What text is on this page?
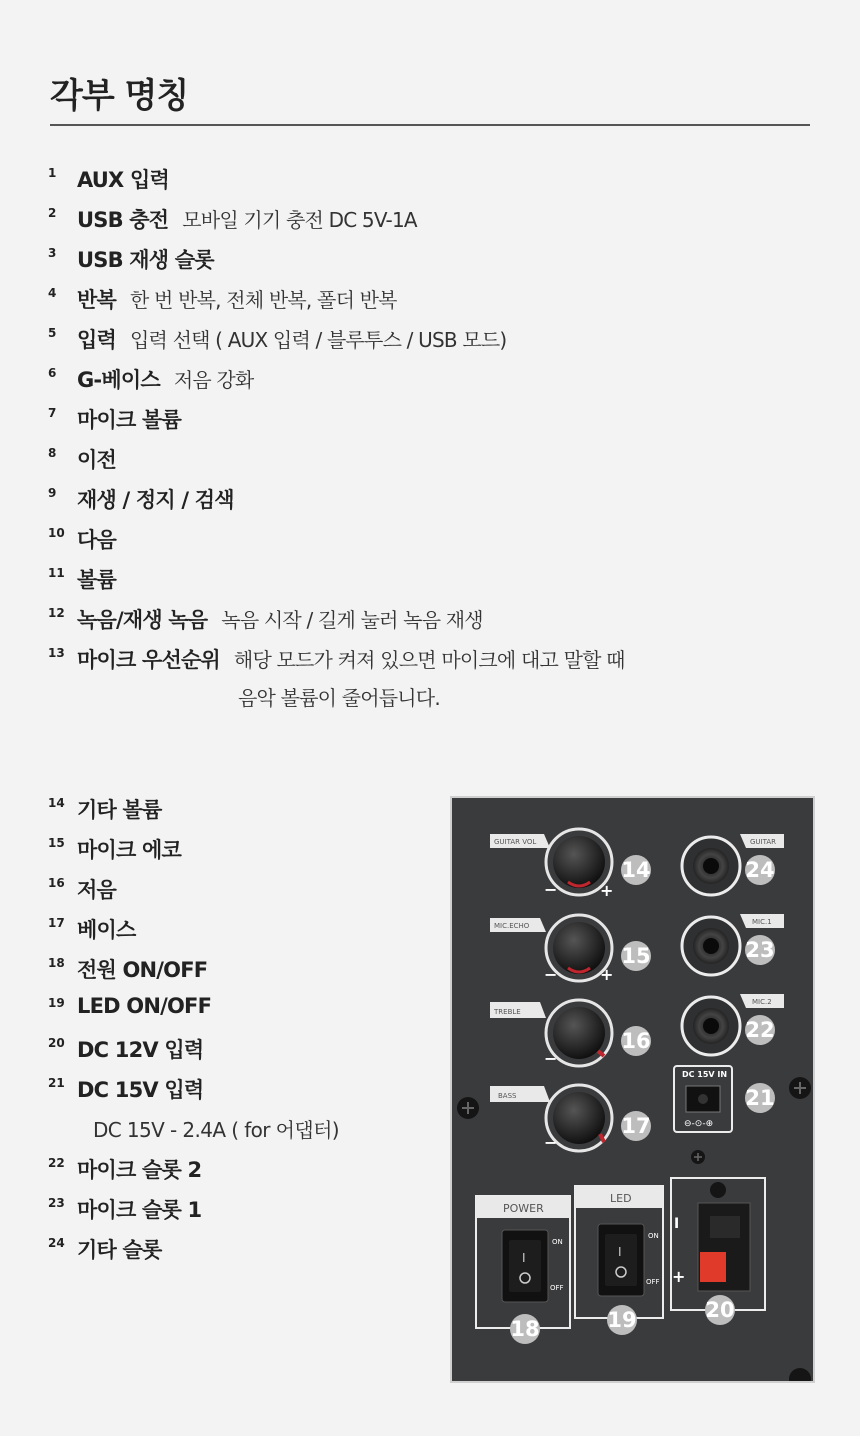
각부 명칭
1 AUX 입력
2 USB 충전 모바일 기기 충전 DC 5V-1A
3 USB 재생 슬롯
4 반복 한 번 반복, 전체 반복, 폴더 반복
5 입력 입력 선택 ( AUX 입력 / 블루투스 / USB 모드)
6 G-베이스 저음 강화
7 마이크 볼륨
8 이전
9 재생 / 정지 / 검색
10 다음
11 볼륨
12 녹음/재생 녹음 녹음 시작 / 길게 눌러 녹음 재생
13 마이크 우선순위 해당 모드가 켜져 있으면 마이크에 대고 말할 때
음악 볼륨이 줄어듭니다.
14 기타 볼륨
15 마이크 에코
16 저음
17 베이스
18 전원 ON/OFF
19 LED ON/OFF
20 DC 12V 입력
21 DC 15V 입력
22 마이크 슬롯 2
23 마이크 슬롯 1
24 기타 슬롯
DC 15V - 2.4A ( for 어댑터)
GUITAR VOL
MIC.ECHO
TREBLE
BASS
−	+
−	+
−
−
GUITAR
MIC.1
MIC.2
DC 15V IN
⊖-⊙-⊕
POWER
I
ON
OFF
LED
I
ON
OFF
I
+
14
15
16
17
24
23
22
21
18	19	20
